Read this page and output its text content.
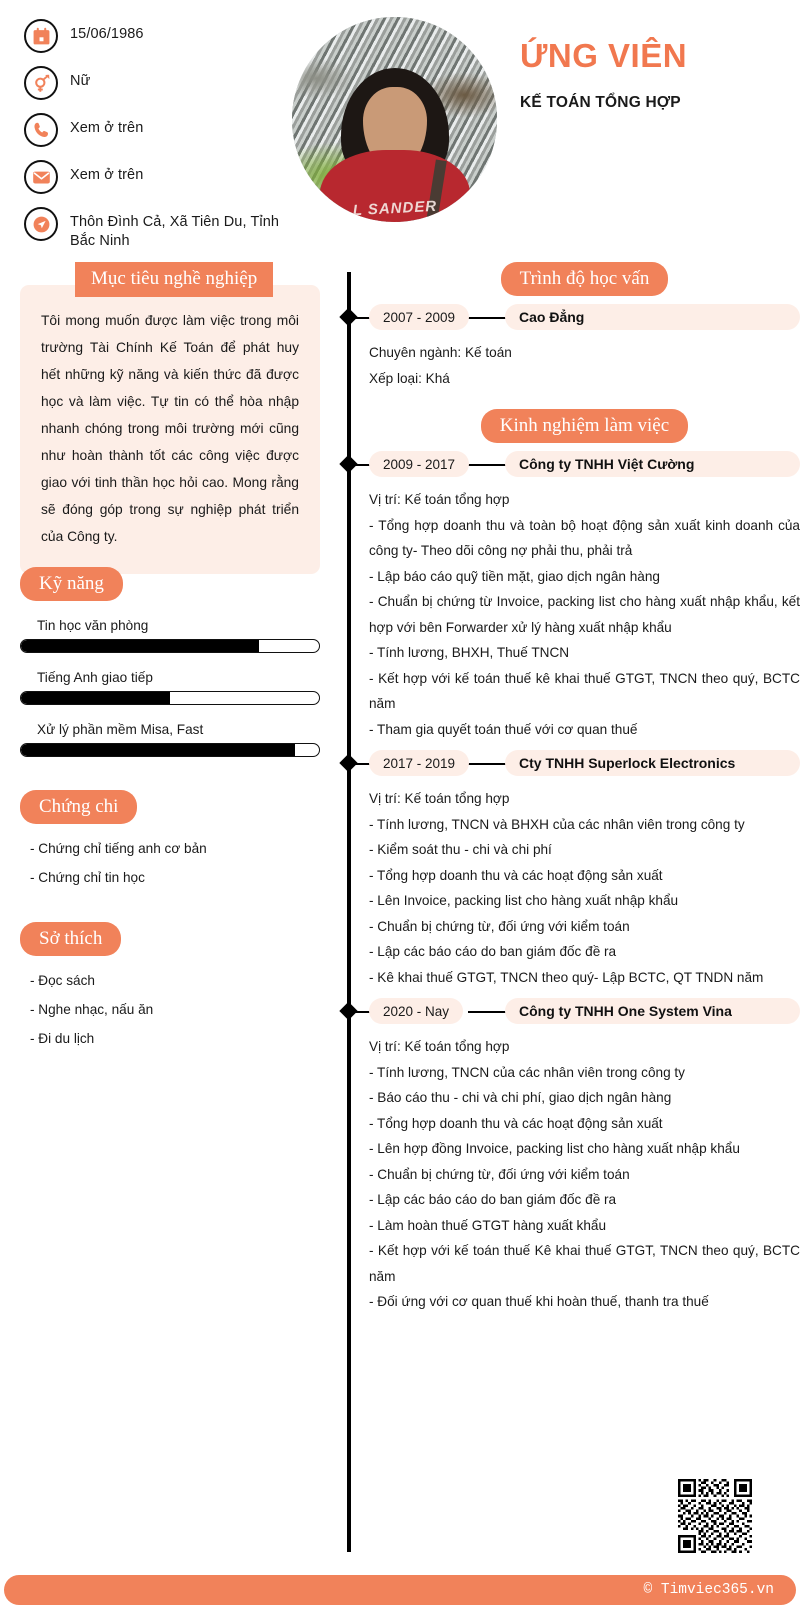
15/06/1986
Nữ
Xem ở trên
Xem ở trên
Thôn Đình Cả, Xã Tiên Du, Tỉnh Bắc Ninh
L SANDER
ỨNG VIÊN
KẾ TOÁN TỔNG HỢP
Mục tiêu nghề nghiệp
Tôi mong muốn được làm việc trong môi trường Tài Chính Kế Toán để phát huy hết những kỹ năng và kiến thức đã được học và làm việc. Tự tin có thể hòa nhập nhanh chóng trong môi trường mới cũng như hoàn thành tốt các công việc được giao với tinh thần học hỏi cao. Mong rằng sẽ đóng góp trong sự nghiệp phát triển của Công ty.
Kỹ năng
Tin học văn phòng
Tiếng Anh giao tiếp
Xử lý phần mềm Misa, Fast
Chứng chi
- Chứng chỉ tiếng anh cơ bản
- Chứng chỉ tin học
Sở thích
- Đọc sách
- Nghe nhạc, nấu ăn
- Đi du lịch
Trình độ học vấn
2007 - 2009	Cao Đẳng
Chuyên ngành: Kế toán
Xếp loại: Khá
Kinh nghiệm làm việc
2009 - 2017	Công ty TNHH Việt Cường
Vị trí: Kế toán tổng hợp
- Tổng hợp doanh thu và toàn bộ hoạt động sản xuất kinh doanh của công ty- Theo dõi công nợ phải thu, phải trả
- Lập báo cáo quỹ tiền mặt, giao dịch ngân hàng
- Chuẩn bị chứng từ Invoice, packing list cho hàng xuất nhập khẩu, kết hợp với bên Forwarder xử lý hàng xuất nhập khẩu
- Tính lương, BHXH, Thuế TNCN
- Kết hợp với kế toán thuế kê khai thuế GTGT, TNCN theo quý, BCTC năm
- Tham gia quyết toán thuế với cơ quan thuế
2017 - 2019	Cty TNHH Superlock Electronics
Vị trí: Kế toán tổng hợp
- Tính lương, TNCN và BHXH của các nhân viên trong công ty
- Kiểm soát thu - chi và chi phí
- Tổng hợp doanh thu và các hoạt động sản xuất
- Lên Invoice, packing list cho hàng xuất nhập khẩu
- Chuẩn bị chứng từ, đối ứng với kiểm toán
- Lập các báo cáo do ban giám đốc đề ra
- Kê khai thuế GTGT, TNCN theo quý- Lập BCTC, QT TNDN năm
2020 - Nay	Công ty TNHH One System Vina
Vị trí: Kế toán tổng hợp
- Tính lương, TNCN của các nhân viên trong công ty
- Báo cáo thu - chi và chi phí, giao dịch ngân hàng
- Tổng hợp doanh thu và các hoạt động sản xuất
- Lên hợp đồng Invoice, packing list cho hàng xuất nhập khẩu
- Chuẩn bị chứng từ, đối ứng với kiểm toán
- Lập các báo cáo do ban giám đốc đề ra
- Làm hoàn thuế GTGT hàng xuất khẩu
- Kết hợp với kế toán thuế Kê khai thuế GTGT, TNCN theo quý, BCTC năm
- Đối ứng với cơ quan thuế khi hoàn thuế, thanh tra thuế
© Timviec365.vn
